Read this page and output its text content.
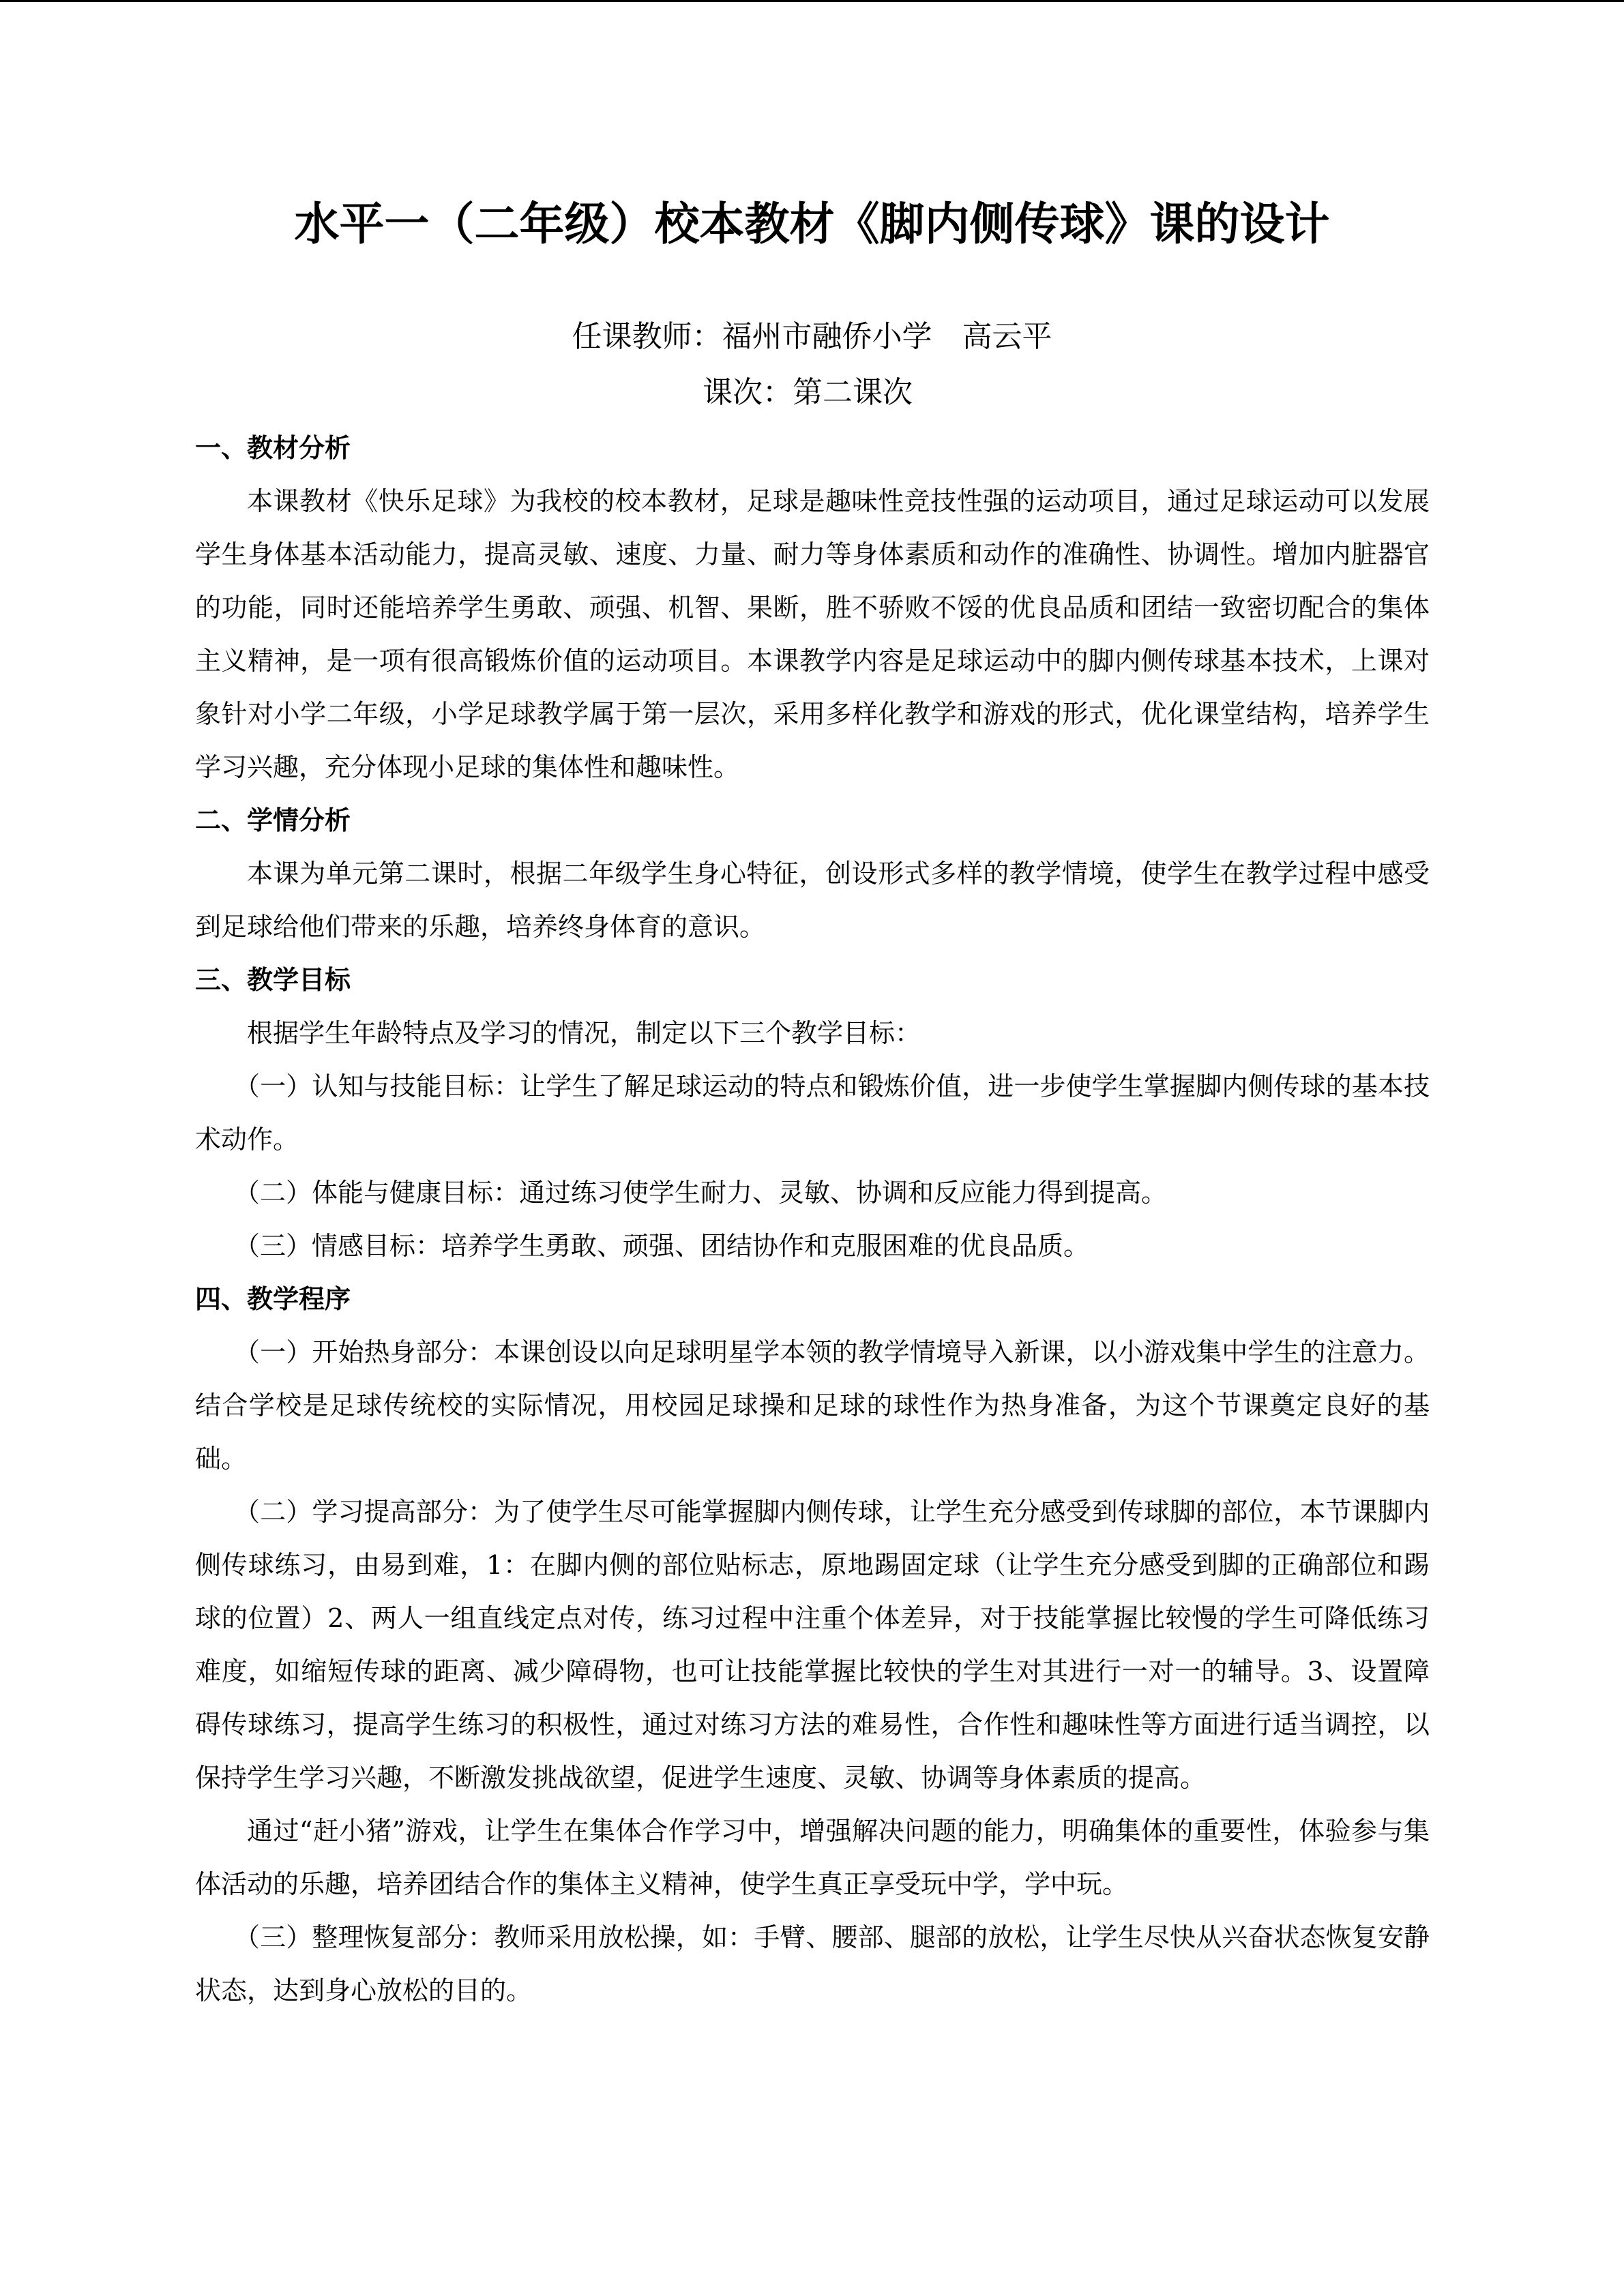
水平一（二年级）校本教材《脚内侧传球》课的设计
任课教师：福州市融侨小学　高云平
课次：第二课次

一、教材分析

本课教材《快乐足球》为我校的校本教材，足球是趣味性竞技性强的运动项目，通过足球运动可以发展学生身体基本活动能力，提高灵敏、速度、力量、耐力等身体素质和动作的准确性、协调性。增加内脏器官的功能，同时还能培养学生勇敢、顽强、机智、果断，胜不骄败不馁的优良品质和团结一致密切配合的集体主义精神，是一项有很高锻炼价值的运动项目。本课教学内容是足球运动中的脚内侧传球基本技术，上课对象针对小学二年级，小学足球教学属于第一层次，采用多样化教学和游戏的形式，优化课堂结构，培养学生学习兴趣，充分体现小足球的集体性和趣味性。

二、学情分析

本课为单元第二课时，根据二年级学生身心特征，创设形式多样的教学情境，使学生在教学过程中感受到足球给他们带来的乐趣，培养终身体育的意识。

三、教学目标

根据学生年龄特点及学习的情况，制定以下三个教学目标：

（一）认知与技能目标：让学生了解足球运动的特点和锻炼价值，进一步使学生掌握脚内侧传球的基本技术动作。

（二）体能与健康目标：通过练习使学生耐力、灵敏、协调和反应能力得到提高。

（三）情感目标：培养学生勇敢、顽强、团结协作和克服困难的优良品质。

四、教学程序

（一）开始热身部分：本课创设以向足球明星学本领的教学情境导入新课，以小游戏集中学生的注意力。结合学校是足球传统校的实际情况，用校园足球操和足球的球性作为热身准备，为这个节课奠定良好的基础。

（二）学习提高部分：为了使学生尽可能掌握脚内侧传球，让学生充分感受到传球脚的部位，本节课脚内侧传球练习，由易到难，1：在脚内侧的部位贴标志，原地踢固定球（让学生充分感受到脚的正确部位和踢球的位置）2、两人一组直线定点对传，练习过程中注重个体差异，对于技能掌握比较慢的学生可降低练习难度，如缩短传球的距离、减少障碍物，也可让技能掌握比较快的学生对其进行一对一的辅导。3、设置障碍传球练习，提高学生练习的积极性，通过对练习方法的难易性，合作性和趣味性等方面进行适当调控，以保持学生学习兴趣，不断激发挑战欲望，促进学生速度、灵敏、协调等身体素质的提高。

通过“赶小猪”游戏，让学生在集体合作学习中，增强解决问题的能力，明确集体的重要性，体验参与集体活动的乐趣，培养团结合作的集体主义精神，使学生真正享受玩中学，学中玩。

（三）整理恢复部分：教师采用放松操，如：手臂、腰部、腿部的放松，让学生尽快从兴奋状态恢复安静状态，达到身心放松的目的。
